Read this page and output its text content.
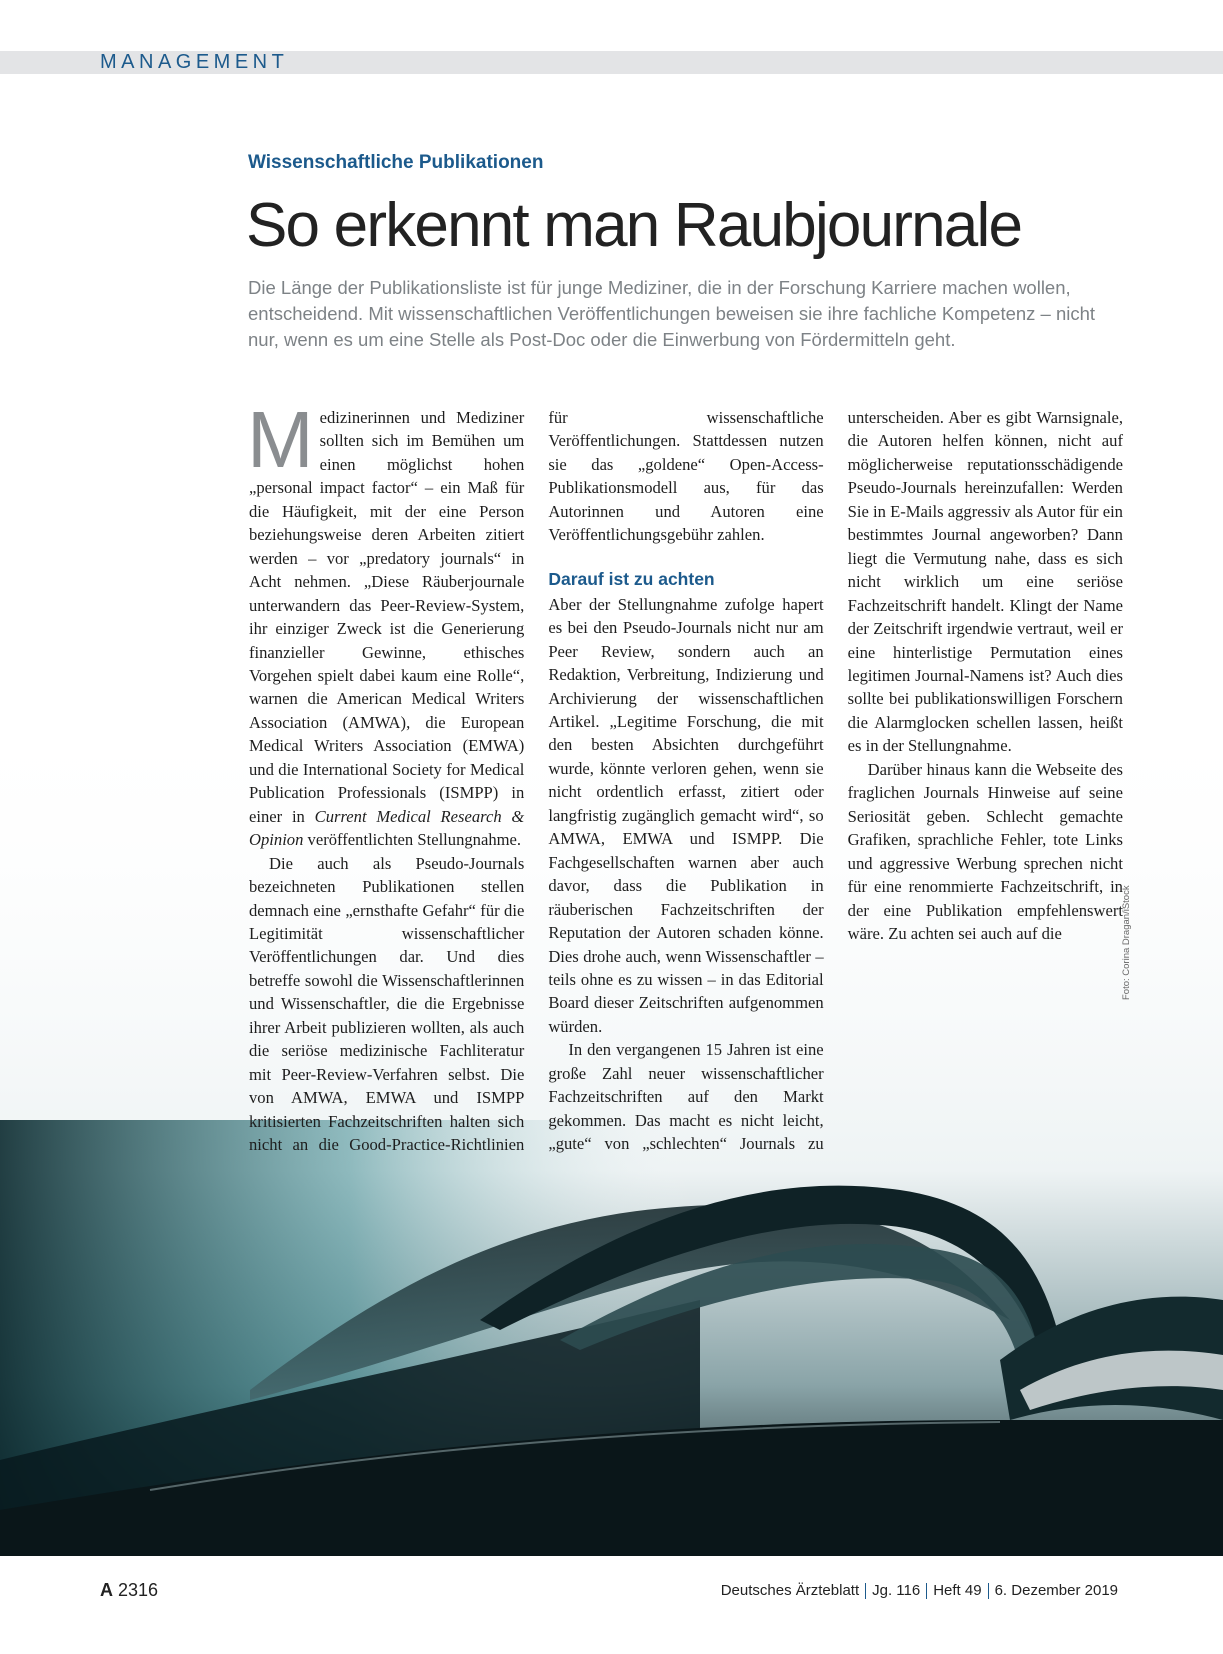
MANAGEMENT
Wissenschaftliche Publikationen
So erkennt man Raubjournale

Die Länge der Publikationsliste ist für junge Mediziner, die in der Forschung Karriere machen wollen, entscheidend. Mit wissenschaftlichen Veröffentlichungen beweisen sie ihre fachliche Kompetenz – nicht nur, wenn es um eine Stelle als Post-Doc oder die Einwerbung von Fördermitteln geht.

Medizinerinnen und Mediziner sollten sich im Bemühen um einen möglichst hohen „personal impact factor“ – ein Maß für die Häufigkeit, mit der eine Person beziehungsweise deren Arbeiten zitiert werden – vor „predatory journals“ in Acht nehmen. „Diese Räuberjournale unterwandern das Peer-Review-System, ihr einziger Zweck ist die Generierung finanzieller Gewinne, ethisches Vorgehen spielt dabei kaum eine Rolle“, warnen die American Medical Writers Association (AMWA), die European Medical Writers Association (EMWA) und die International Society for Medical Publication Professionals (ISMPP) in einer in Current Medical Research & Opinion veröffentlichten Stellungnahme.

Die auch als Pseudo-Journals bezeichneten Publikationen stellen demnach eine „ernsthafte Gefahr“ für die Legitimität wissenschaftlicher Veröffentlichungen dar. Und dies betreffe sowohl die Wissenschaftlerinnen und Wissenschaftler, die die Ergebnisse ihrer Arbeit publizieren wollten, als auch die seriöse medizinische Fachliteratur mit Peer-Review-Verfahren selbst. Die von AMWA, EMWA und ISMPP kritisierten Fachzeitschriften halten sich nicht an die Good-Practice-Richtlinien für wissenschaftliche Veröffentlichungen. Stattdessen nutzen sie das „goldene“ Open-Access-Publikationsmodell aus, für das Autorinnen und Autoren eine Veröffentlichungsgebühr zahlen.

Darauf ist zu achten

Aber der Stellungnahme zufolge hapert es bei den Pseudo-Journals nicht nur am Peer Review, sondern auch an Redaktion, Verbreitung, Indizierung und Archivierung der wissenschaftlichen Artikel. „Legitime Forschung, die mit den besten Absichten durchgeführt wurde, könnte verloren gehen, wenn sie nicht ordentlich erfasst, zitiert oder langfristig zugänglich gemacht wird“, so AMWA, EMWA und ISMPP. Die Fachgesellschaften warnen aber auch davor, dass die Publikation in räuberischen Fachzeitschriften der Reputation der Autoren schaden könne. Dies drohe auch, wenn Wissenschaftler – teils ohne es zu wissen – in das Editorial Board dieser Zeitschriften aufgenommen würden.

In den vergangenen 15 Jahren ist eine große Zahl neuer wissenschaftlicher Fachzeitschriften auf den Markt gekommen. Das macht es nicht leicht, „gute“ von „schlechten“ Journals zu unterscheiden. Aber es gibt Warnsignale, die Autoren helfen können, nicht auf möglicherweise reputationsschädigende Pseudo-Journals hereinzufallen: Werden Sie in E-Mails aggressiv als Autor für ein bestimmtes Journal angeworben? Dann liegt die Vermutung nahe, dass es sich nicht wirklich um eine seriöse Fachzeitschrift handelt. Klingt der Name der Zeitschrift irgendwie vertraut, weil er eine hinterlistige Permutation eines legitimen Journal-Namens ist? Auch dies sollte bei publikationswilligen Forschern die Alarmglocken schellen lassen, heißt es in der Stellungnahme.

Darüber hinaus kann die Webseite des fraglichen Journals Hinweise auf seine Seriosität geben. Schlecht gemachte Grafiken, sprachliche Fehler, tote Links und aggressive Werbung sprechen nicht für eine renommierte Fachzeitschrift, in der eine Publikation empfehlenswert wäre. Zu achten sei auch auf die	Foto: Corina Dragan/iStock
A 2316	Deutsches Ärzteblatt Jg. 116 Heft 49 6. Dezember 2019
